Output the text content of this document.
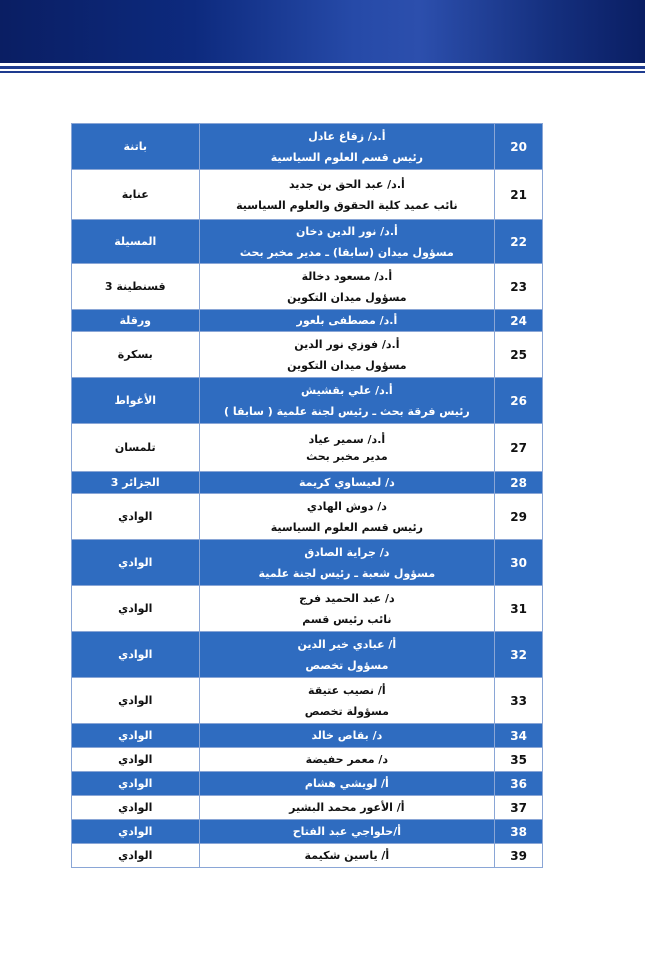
20	أ.د/ زقاغ عادل
رئيس قسم العلوم السياسية	باتنة
21	أ.د/ عبد الحق بن جديد
نائب عميد كلية الحقوق والعلوم السياسية	عنابة
22	أ.د/ نور الدين دخان
مسؤول ميدان (سابقا) ـ مدير مخبر بحث	المسيلة
23	أ.د/ مسعود دخالة
مسؤول ميدان التكوين	قسنطينة 3
24	أ.د/ مصطفى بلعور	ورقلة
25	أ.د/ فوزي نور الدين
مسؤول ميدان التكوين	بسكرة
26	أ.د/ علي بقشيش
رئيس فرقة بحث ـ رئيس لجنة علمية ( سابقا )	الأغواط
27	أ.د/ سمير عياد
مدير مخبر بحث	تلمسان
28	د/ لعيساوي كريمة	الجزائر 3
29	د/ دوش الهادي
رئيس قسم العلوم السياسية	الوادي
30	د/ جراية الصادق
مسؤول شعبة ـ رئيس لجنة علمية	الوادي
31	د/ عبد الحميد فرج
نائب رئيس قسم	الوادي
32	أ/ عبادي خير الدين
مسؤول تخصص	الوادي
33	أ/ نصيب عتيقة
مسؤولة تخصص	الوادي
34	د/ بقاص خالد	الوادي
35	د/ معمر حفيضة	الوادي
36	أ/ لويشي هشام	الوادي
37	أ/ الأعور محمد البشير	الوادي
38	أ/حلواجي عبد الفتاح	الوادي
39	أ/ ياسين شكيمة	الوادي
